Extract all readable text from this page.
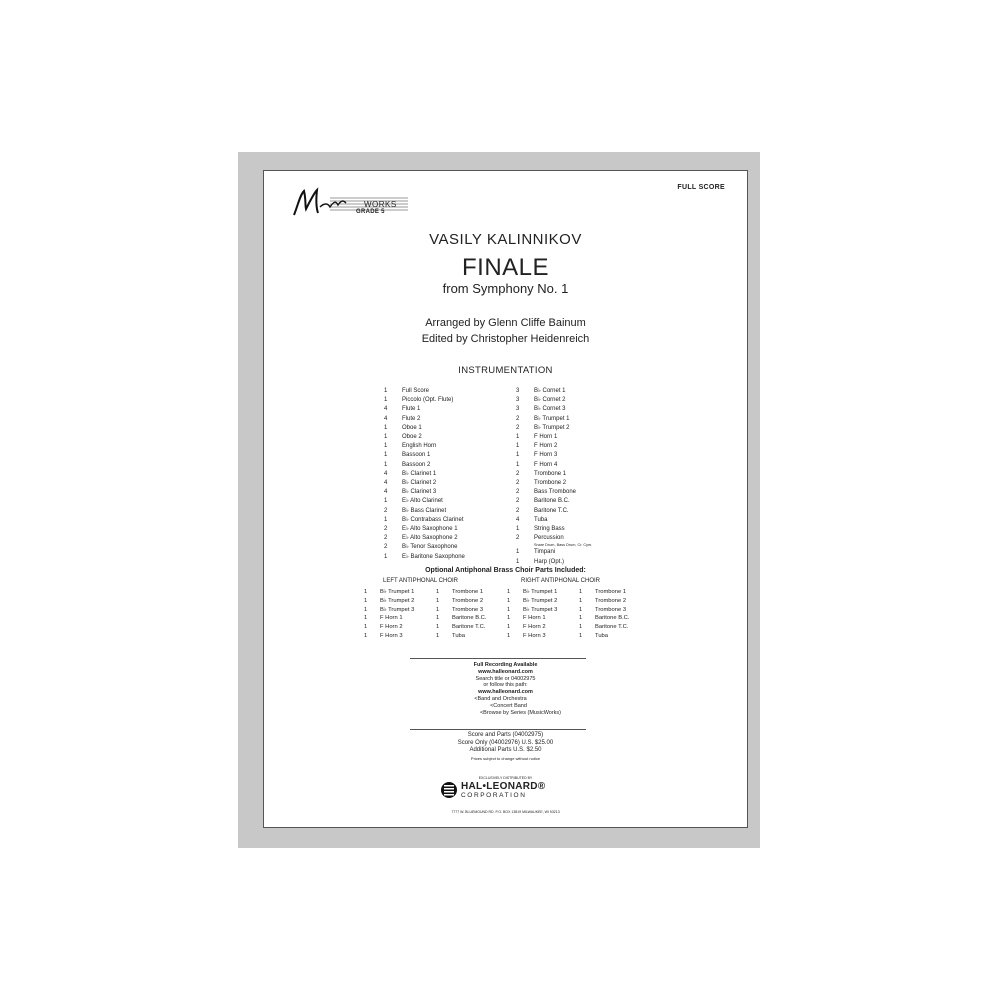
WORKS
GRADE 5
FULL SCORE
VASILY KALINNIKOV
FINALE
from Symphony No. 1
Arranged by Glenn Cliffe Bainum
Edited by Christopher Heidenreich
INSTRUMENTATION
1	Full Score
1	Piccolo (Opt. Flute)
4	Flute 1
4	Flute 2
1	Oboe 1
1	Oboe 2
1	English Horn
1	Bassoon 1
1	Bassoon 2
4	B♭ Clarinet 1
4	B♭ Clarinet 2
4	B♭ Clarinet 3
1	E♭ Alto Clarinet
2	B♭ Bass Clarinet
1	B♭ Contrabass Clarinet
2	E♭ Alto Saxophone 1
2	E♭ Alto Saxophone 2
2	B♭ Tenor Saxophone
1	E♭ Baritone Saxophone
3	B♭ Cornet 1
3	B♭ Cornet 2
3	B♭ Cornet 3
2	B♭ Trumpet 1
2	B♭ Trumpet 2
1	F Horn 1
1	F Horn 2
1	F Horn 3
1	F Horn 4
2	Trombone 1
2	Trombone 2
2	Bass Trombone
2	Baritone B.C.
2	Baritone T.C.
4	Tuba
1	String Bass
2	Percussion
Snare Drum, Bass Drum, Cr. Cym.
1	Timpani
1	Harp (Opt.)
Optional Antiphonal Brass Choir Parts Included:
LEFT ANTIPHONAL CHOIR	RIGHT ANTIPHONAL CHOIR
1	B♭ Trumpet 1	1	Trombone 1
1	B♭ Trumpet 2	1	Trombone 2
1	B♭ Trumpet 3	1	Trombone 3
1	F Horn 1	1	Baritone B.C.
1	F Horn 2	1	Baritone T.C.
1	F Horn 3	1	Tuba
1	B♭ Trumpet 1	1	Trombone 1
1	B♭ Trumpet 2	1	Trombone 2
1	B♭ Trumpet 3	1	Trombone 3
1	F Horn 1	1	Baritone B.C.
1	F Horn 2	1	Baritone T.C.
1	F Horn 3	1	Tuba
Full Recording Available
www.halleonard.com
Search title or 04002975
or follow this path:
www.halleonard.com
<Band and Orchestra
<Concert Band
<Browse by Series (MusicWorks)
Score and Parts (04002975)
Score Only (04002976) U.S. $25.00
Additional Parts U.S. $2.50
Prices subject to change without notice
EXCLUSIVELY DISTRIBUTED BY
HAL•LEONARD®
CORPORATION
7777 W. BLUEMOUND RD. P.O. BOX 13819 MILWAUKEE, WI 53213
